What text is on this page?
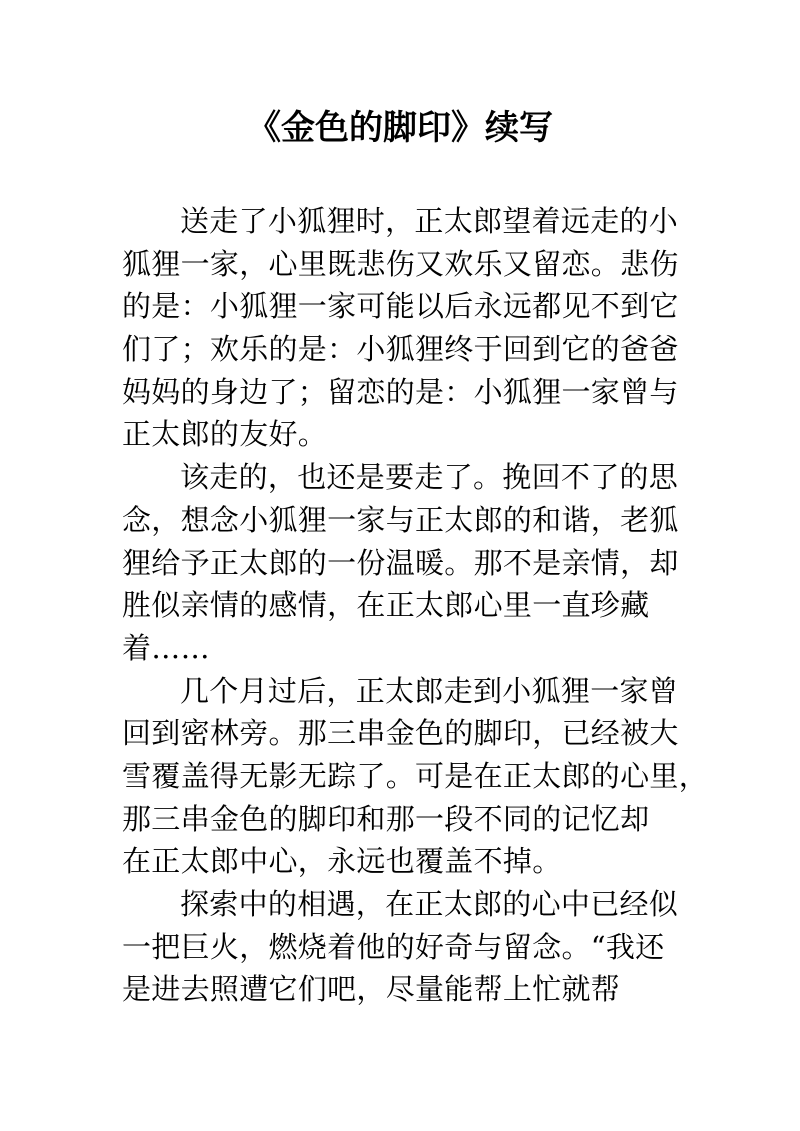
《金色的脚印》续写

送走了小狐狸时，正太郎望着远走的小

狐狸一家，心里既悲伤又欢乐又留恋。悲伤

的是：小狐狸一家可能以后永远都见不到它

们了；欢乐的是：小狐狸终于回到它的爸爸

妈妈的身边了；留恋的是：小狐狸一家曾与

正太郎的友好。

该走的，也还是要走了。挽回不了的思

念，想念小狐狸一家与正太郎的和谐，老狐

狸给予正太郎的一份温暖。那不是亲情，却

胜似亲情的感情，在正太郎心里一直珍藏

着……

几个月过后，正太郎走到小狐狸一家曾

回到密林旁。那三串金色的脚印，已经被大

雪覆盖得无影无踪了。可是在正太郎的心里，

那三串金色的脚印和那一段不同的记忆却

在正太郎中心，永远也覆盖不掉。

探索中的相遇，在正太郎的心中已经似

一把巨火，燃烧着他的好奇与留念。“我还

是进去照遭它们吧，尽量能帮上忙就帮
